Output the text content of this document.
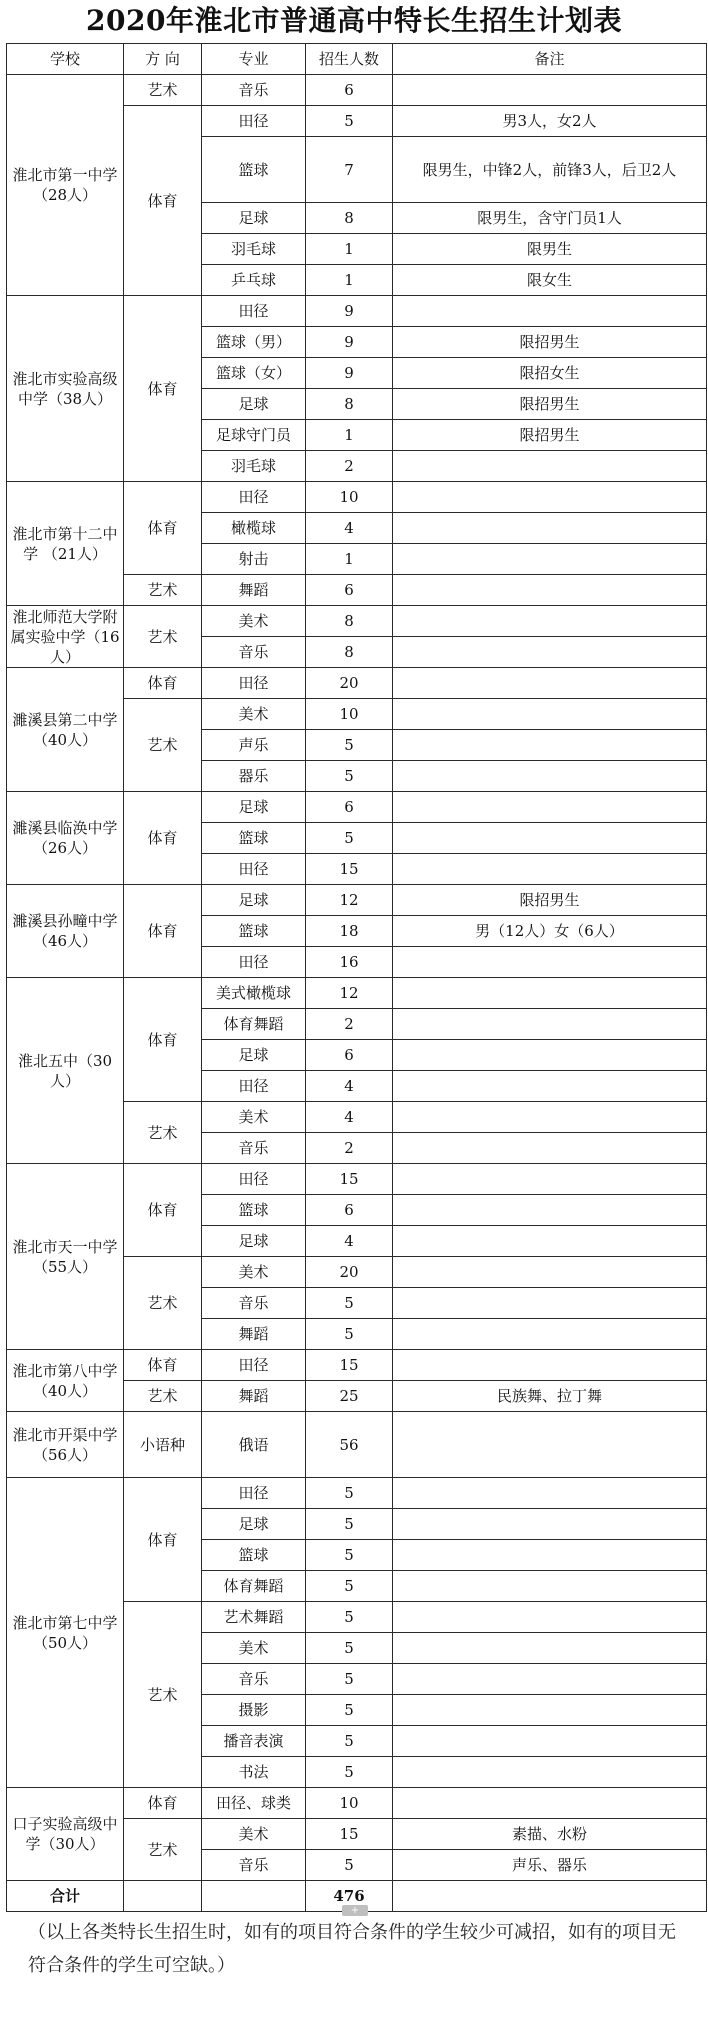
2020年淮北市普通高中特长生招生计划表
学校	方 向	专业	招生人数	备注
淮北市第一中学（28人）	艺术	音乐	6	
	体育	田径	5	男3人，女2人
		篮球	7	限男生，中锋2人，前锋3人，后卫2人
		足球	8	限男生，含守门员1人
		羽毛球	1	限男生
		乒乓球	1	限女生
淮北市实验高级中学（38人）	体育	田径	9	
		篮球（男）	9	限招男生
		篮球（女）	9	限招女生
		足球	8	限招男生
		足球守门员	1	限招男生
		羽毛球	2	
淮北市第十二中学 （21人）	体育	田径	10	
		橄榄球	4	
		射击	1	
	艺术	舞蹈	6	
淮北师范大学附属实验中学（16人）	艺术	美术	8	
		音乐	8	
濉溪县第二中学（40人）	体育	田径	20	
	艺术	美术	10	
		声乐	5	
		器乐	5	
濉溪县临涣中学（26人）	体育	足球	6	
		篮球	5	
		田径	15	
濉溪县孙疃中学（46人）	体育	足球	12	限招男生
		篮球	18	男（12人）女（6人）
		田径	16	
淮北五中（30人）	体育	美式橄榄球	12	
		体育舞蹈	2	
		足球	6	
		田径	4	
	艺术	美术	4	
		音乐	2	
淮北市天一中学（55人）	体育	田径	15	
		篮球	6	
		足球	4	
	艺术	美术	20	
		音乐	5	
		舞蹈	5	
淮北市第八中学（40人）	体育	田径	15	
	艺术	舞蹈	25	民族舞、拉丁舞
淮北市开渠中学（56人）	小语种	俄语	56	
淮北市第七中学（50人）	体育	田径	5	
		足球	5	
		篮球	5	
		体育舞蹈	5	
	艺术	艺术舞蹈	5	
		美术	5	
		音乐	5	
		摄影	5	
		播音表演	5	
		书法	5	
口子实验高级中学（30人）	体育	田径、球类	10	
	艺术	美术	15	素描、水粉
		音乐	5	声乐、器乐
合计			476	
+
（以上各类特长生招生时，如有的项目符合条件的学生较少可减招，如有的项目无符合条件的学生可空缺。）
